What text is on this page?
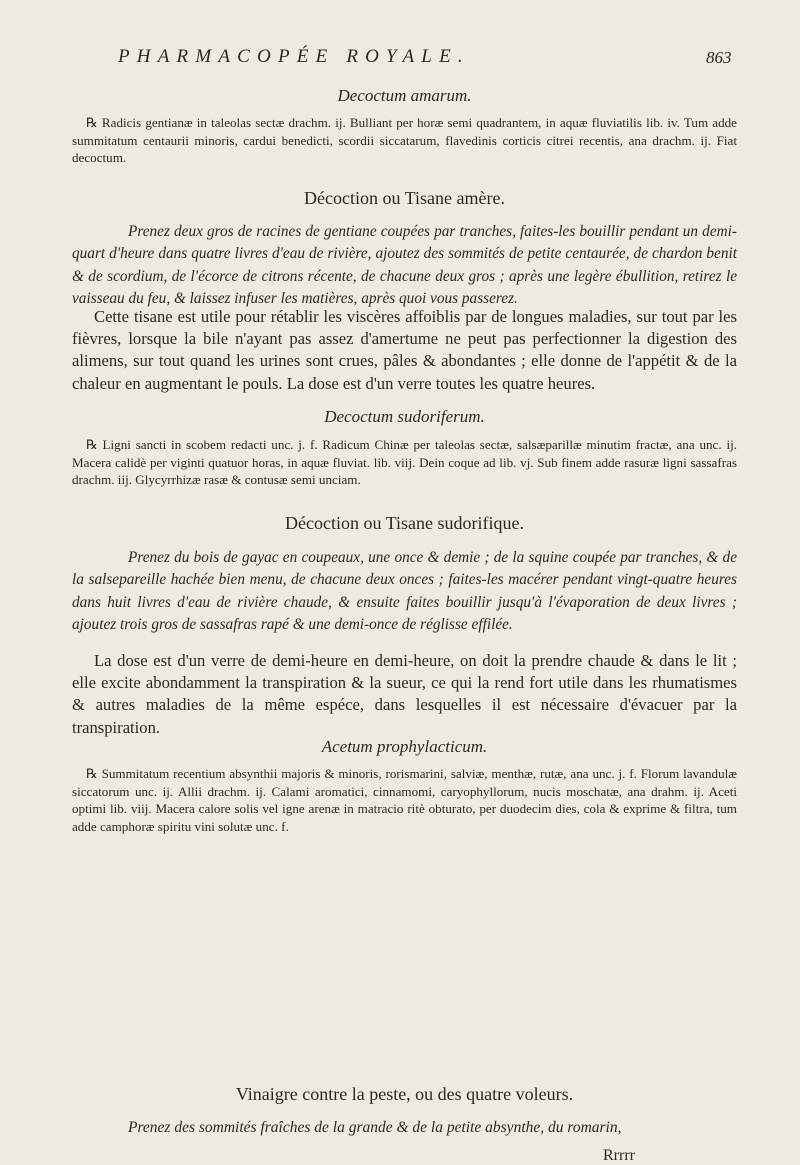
PHARMACOPÉE ROYALE.	863
Decoctum amarum.
℞ Radicis gentianæ in taleolas sectæ drachm. ij. Bulliant per horæ semi quadrantem, in aquæ fluviatilis lib. iv. Tum adde summitatum centaurii minoris, cardui benedicti, scordii siccatarum, flavedinis corticis citrei recentis, ana drachm. ij. Fiat decoctum.
Décoction ou Tisane amère.
Prenez deux gros de racines de gentiane coupées par tranches, faites-les bouillir pendant un demi-quart d'heure dans quatre livres d'eau de rivière, ajoutez des sommités de petite centaurée, de chardon benit & de scordium, de l'écorce de citrons récente, de chacune deux gros ; après une legère ébullition, retirez le vaisseau du feu, & laissez infuser les matières, après quoi vous passerez.
Cette tisane est utile pour rétablir les viscères affoiblis par de longues maladies, sur tout par les fièvres, lorsque la bile n'ayant pas assez d'amertume ne peut pas perfectionner la digestion des alimens, sur tout quand les urines sont crues, pâles & abondantes ; elle donne de l'appétit & de la chaleur en augmentant le pouls. La dose est d'un verre toutes les quatre heures.
Decoctum sudoriferum.
℞ Ligni sancti in scobem redacti unc. j. f. Radicum Chinæ per taleolas sectæ, salsæparillæ minutim fractæ, ana unc. ij. Macera calidè per viginti quatuor horas, in aquæ fluviat. lib. viij. Dein coque ad lib. vj. Sub finem adde rasuræ ligni sassafras drachm. iij. Glycyrrhizæ rasæ & contusæ semi unciam.
Décoction ou Tisane sudorifique.
Prenez du bois de gayac en coupeaux, une once & demie ; de la squine coupée par tranches, & de la salsepareille hachée bien menu, de chacune deux onces ; faites-les macérer pendant vingt-quatre heures dans huit livres d'eau de rivière chaude, & ensuite faites bouillir jusqu'à l'évaporation de deux livres ; ajoutez trois gros de sassafras rapé & une demi-once de réglisse effilée.
La dose est d'un verre de demi-heure en demi-heure, on doit la prendre chaude & dans le lit ; elle excite abondamment la transpiration & la sueur, ce qui la rend fort utile dans les rhumatismes & autres maladies de la même espéce, dans lesquelles il est nécessaire d'évacuer par la transpiration.
Acetum prophylacticum.
℞ Summitatum recentium absynthii majoris & minoris, rorismarini, salviæ, menthæ, rutæ, ana unc. j. f. Florum lavandulæ siccatorum unc. ij. Allii drachm. ij. Calami aromatici, cinnamomi, caryophyllorum, nucis moschatæ, ana drahm. ij. Aceti optimi lib. viij. Macera calore solis vel igne arenæ in matracio ritè obturato, per duodecim dies, cola & exprime & filtra, tum adde camphoræ spiritu vini solutæ unc. f.
Vinaigre contre la peste, ou des quatre voleurs.
Prenez des sommités fraîches de la grande & de la petite absynthe, du romarin,
Rrrrr
